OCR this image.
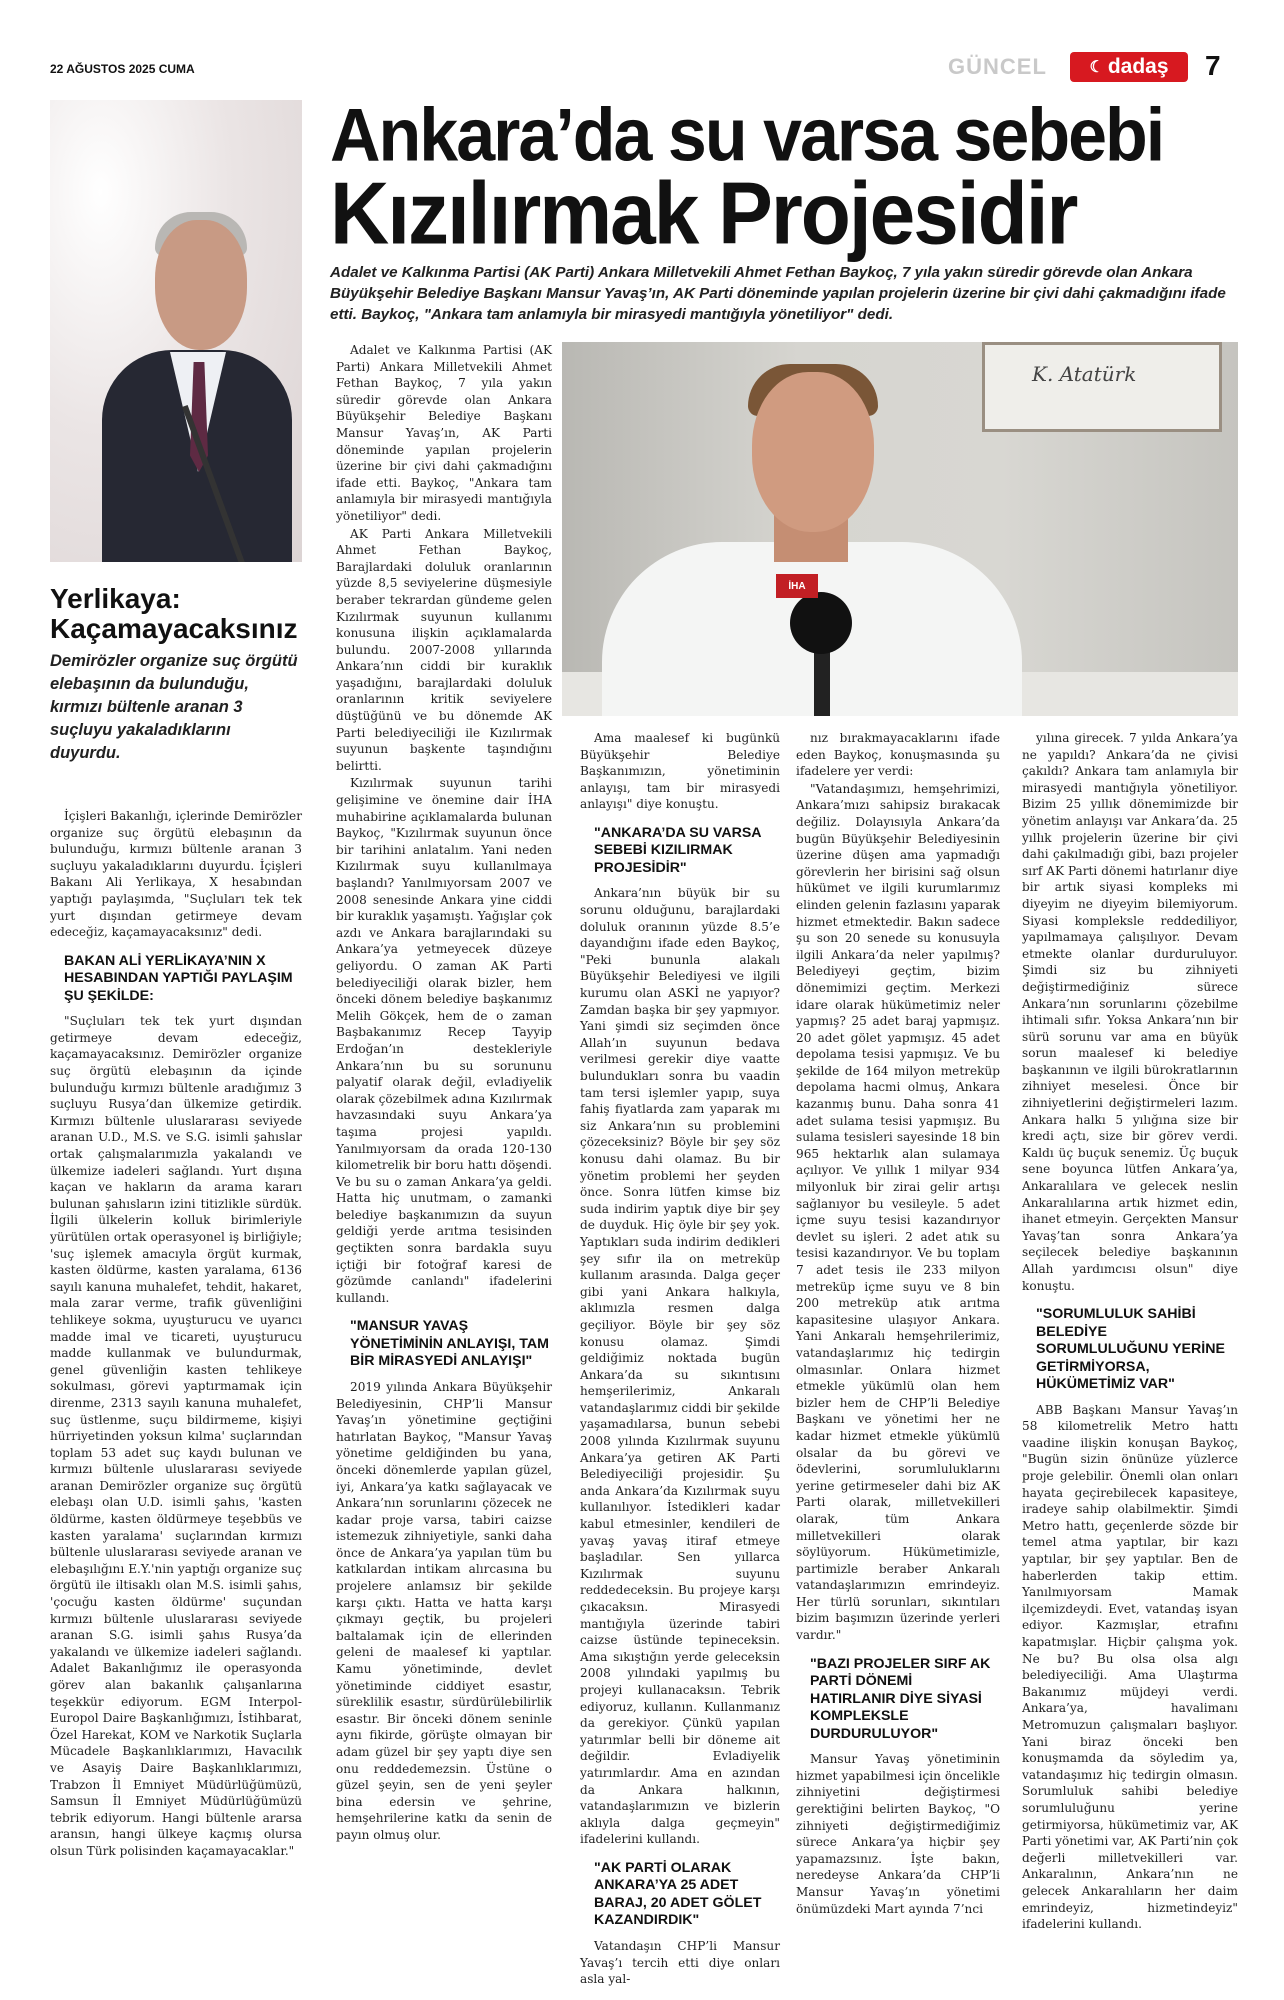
22 AĞUSTOS 2025 CUMA	GÜNCEL	☾ dadaş 7
Ankara’da su varsa sebebi
Kızılırmak Projesidir
Adalet ve Kalkınma Partisi (AK Parti) Ankara Milletvekili Ahmet Fethan Baykoç, 7 yıla yakın süredir görevde olan Ankara Büyükşehir Belediye Başkanı Mansur Yavaş’ın, AK Parti döneminde yapılan projelerin üzerine bir çivi dahi çakmadığını ifade etti. Baykoç, "Ankara tam anlamıyla bir mirasyedi mantığıyla yönetiliyor" dedi.
K. Atatürk
İHA
Yerlikaya: Kaçamayacaksınız
Demirözler organize suç örgütü elebaşının da bulunduğu, kırmızı bültenle aranan 3 suçluyu yakaladıklarını duyurdu.

İçişleri Bakanlığı, içlerinde Demirözler organize suç örgütü elebaşının da bulunduğu, kırmızı bültenle aranan 3 suçluyu yakaladıklarını duyurdu. İçişleri Bakanı Ali Yerlikaya, X hesabından yaptığı paylaşımda, "Suçluları tek tek yurt dışından getirmeye devam edeceğiz, kaçamayacaksınız" dedi.

BAKAN ALİ YERLİKAYA’NIN X HESABINDAN YAPTIĞI PAYLAŞIM ŞU ŞEKİLDE:

"Suçluları tek tek yurt dışından getirmeye devam edeceğiz, kaçamayacaksınız. Demirözler organize suç örgütü elebaşının da içinde bulunduğu kırmızı bültenle aradığımız 3 suçluyu Rusya’dan ülkemize getirdik. Kırmızı bültenle uluslararası seviyede aranan U.D., M.S. ve S.G. isimli şahıslar ortak çalışmalarımızla yakalandı ve ülkemize iadeleri sağlandı. Yurt dışına kaçan ve hakların da arama kararı bulunan şahısların izini titizlikle sürdük. İlgili ülkelerin kolluk birimleriyle yürütülen ortak operasyonel iş birliğiyle; 'suç işlemek amacıyla örgüt kurmak, kasten öldürme, kasten yaralama, 6136 sayılı kanuna muhalefet, tehdit, hakaret, mala zarar verme, trafik güvenliğini tehlikeye sokma, uyuşturucu ve uyarıcı madde imal ve ticareti, uyuşturucu madde kullanmak ve bulundurmak, genel güvenliğin kasten tehlikeye sokulması, görevi yaptırmamak için direnme, 2313 sayılı kanuna muhalefet, suç üstlenme, suçu bildirmeme, kişiyi hürriyetinden yoksun kılma' suçlarından toplam 53 adet suç kaydı bulunan ve kırmızı bültenle uluslararası seviyede aranan Demirözler organize suç örgütü elebaşı olan U.D. isimli şahıs, 'kasten öldürme, kasten öldürmeye teşebbüs ve kasten yaralama' suçlarından kırmızı bültenle uluslararası seviyede aranan ve elebaşılığını E.Y.'nin yaptığı organize suç örgütü ile iltisaklı olan M.S. isimli şahıs, 'çocuğu kasten öldürme' suçundan kırmızı bültenle uluslararası seviyede aranan S.G. isimli şahıs Rusya’da yakalandı ve ülkemize iadeleri sağlandı. Adalet Bakanlığımız ile operasyonda görev alan bakanlık çalışanlarına teşekkür ediyorum. EGM Interpol-Europol Daire Başkanlığımızı, İstihbarat, Özel Harekat, KOM ve Narkotik Suçlarla Mücadele Başkanlıklarımızı, Havacılık ve Asayiş Daire Başkanlıklarımızı, Trabzon İl Emniyet Müdürlüğümüzü, Samsun İl Emniyet Müdürlüğümüzü tebrik ediyorum. Hangi bültenle ararsa aransın, hangi ülkeye kaçmış olursa olsun Türk polisinden kaçamayacaklar."

Adalet ve Kalkınma Partisi (AK Parti) Ankara Milletvekili Ahmet Fethan Baykoç, 7 yıla yakın süredir görevde olan Ankara Büyükşehir Belediye Başkanı Mansur Yavaş’ın, AK Parti döneminde yapılan projelerin üzerine bir çivi dahi çakmadığını ifade etti. Baykoç, "Ankara tam anlamıyla bir mirasyedi mantığıyla yönetiliyor" dedi.

AK Parti Ankara Milletvekili Ahmet Fethan Baykoç, Barajlardaki doluluk oranlarının yüzde 8,5 seviyelerine düşmesiyle beraber tekrardan gündeme gelen Kızılırmak suyunun kullanımı konusuna ilişkin açıklamalarda bulundu. 2007-2008 yıllarında Ankara’nın ciddi bir kuraklık yaşadığını, barajlardaki doluluk oranlarının kritik seviyelere düştüğünü ve bu dönemde AK Parti belediyeciliği ile Kızılırmak suyunun başkente taşındığını belirtti.

Kızılırmak suyunun tarihi gelişimine ve önemine dair İHA muhabirine açıklamalarda bulunan Baykoç, "Kızılırmak suyunun önce bir tarihini anlatalım. Yani neden Kızılırmak suyu kullanılmaya başlandı? Yanılmıyorsam 2007 ve 2008 senesinde Ankara yine ciddi bir kuraklık yaşamıştı. Yağışlar çok azdı ve Ankara barajlarındaki su Ankara’ya yetmeyecek düzeye geliyordu. O zaman AK Parti belediyeciliği olarak bizler, hem önceki dönem belediye başkanımız Melih Gökçek, hem de o zaman Başbakanımız Recep Tayyip Erdoğan’ın destekleriyle Ankara’nın bu su sorununu palyatif olarak değil, evladiyelik olarak çözebilmek adına Kızılırmak havzasındaki suyu Ankara’ya taşıma projesi yapıldı. Yanılmıyorsam da orada 120-130 kilometrelik bir boru hattı döşendi. Ve bu su o zaman Ankara’ya geldi. Hatta hiç unutmam, o zamanki belediye başkanımızın da suyun geldiği yerde arıtma tesisinden geçtikten sonra bardakla suyu içtiği bir fotoğraf karesi de gözümde canlandı" ifadelerini kullandı.

"MANSUR YAVAŞ YÖNETİMİNİN ANLAYIŞI, TAM BİR MİRASYEDİ ANLAYIŞI"

2019 yılında Ankara Büyükşehir Belediyesinin, CHP’li Mansur Yavaş’ın yönetimine geçtiğini hatırlatan Baykoç, "Mansur Yavaş yönetime geldiğinden bu yana, önceki dönemlerde yapılan güzel, iyi, Ankara’ya katkı sağlayacak ve Ankara’nın sorunlarını çözecek ne kadar proje varsa, tabiri caizse istemezuk zihniyetiyle, sanki daha önce de Ankara’ya yapılan tüm bu katkılardan intikam alırcasına bu projelere anlamsız bir şekilde karşı çıktı. Hatta ve hatta karşı çıkmayı geçtik, bu projeleri baltalamak için de ellerinden geleni de maalesef ki yaptılar. Kamu yönetiminde, devlet yönetiminde ciddiyet esastır, süreklilik esastır, sürdürülebilirlik esastır. Bir önceki dönem seninle aynı fikirde, görüşte olmayan bir adam güzel bir şey yaptı diye sen onu reddedemezsin. Üstüne o güzel şeyin, sen de yeni şeyler bina edersin ve şehrine, hemşehrilerine katkı da senin de payın olmuş olur.

Ama maalesef ki bugünkü Büyükşehir Belediye Başkanımızın, yönetiminin anlayışı, tam bir mirasyedi anlayışı" diye konuştu.

"ANKARA’DA SU VARSA SEBEBİ KIZILIRMAK PROJESİDİR"

Ankara’nın büyük bir su sorunu olduğunu, barajlardaki doluluk oranının yüzde 8.5’e dayandığını ifade eden Baykoç, "Peki bununla alakalı Büyükşehir Belediyesi ve ilgili kurumu olan ASKİ ne yapıyor? Zamdan başka bir şey yapmıyor. Yani şimdi siz seçimden önce Allah’ın suyunun bedava verilmesi gerekir diye vaatte bulundukları sonra bu vaadin tam tersi işlemler yapıp, suya fahiş fiyatlarda zam yaparak mı siz Ankara’nın su problemini çözeceksiniz? Böyle bir şey söz konusu dahi olamaz. Bu bir yönetim problemi her şeyden önce. Sonra lütfen kimse biz suda indirim yaptık diye bir şey de duyduk. Hiç öyle bir şey yok. Yaptıkları suda indirim dedikleri şey sıfır ila on metreküp kullanım arasında. Dalga geçer gibi yani Ankara halkıyla, aklımızla resmen dalga geçiliyor. Böyle bir şey söz konusu olamaz. Şimdi geldiğimiz noktada bugün Ankara’da su sıkıntısını hemşerilerimiz, Ankaralı vatandaşlarımız ciddi bir şekilde yaşamadılarsa, bunun sebebi 2008 yılında Kızılırmak suyunu Ankara’ya getiren AK Parti Belediyeciliği projesidir. Şu anda Ankara’da Kızılırmak suyu kullanılıyor. İstedikleri kadar kabul etmesinler, kendileri de yavaş yavaş itiraf etmeye başladılar. Sen yıllarca Kızılırmak suyunu reddedeceksin. Bu projeye karşı çıkacaksın. Mirasyedi mantığıyla üzerinde tabiri caizse üstünde tepineceksin. Ama sıkıştığın yerde geleceksin 2008 yılındaki yapılmış bu projeyi kullanacaksın. Tebrik ediyoruz, kullanın. Kullanmanız da gerekiyor. Çünkü yapılan yatırımlar belli bir döneme ait değildir. Evladiyelik yatırımlardır. Ama en azından da Ankara halkının, vatandaşlarımızın ve bizlerin aklıyla dalga geçmeyin" ifadelerini kullandı.

"AK PARTİ OLARAK ANKARA’YA 25 ADET BARAJ, 20 ADET GÖLET KAZANDIRDIK"

Vatandaşın CHP’li Mansur Yavaş’ı tercih etti diye onları asla yal-

nız bırakmayacaklarını ifade eden Baykoç, konuşmasında şu ifadelere yer verdi:

"Vatandaşımızı, hemşehrimizi, Ankara’mızı sahipsiz bırakacak değiliz. Dolayısıyla Ankara’da bugün Büyükşehir Belediyesinin üzerine düşen ama yapmadığı görevlerin her birisini sağ olsun hükümet ve ilgili kurumlarımız elinden gelenin fazlasını yaparak hizmet etmektedir. Bakın sadece şu son 20 senede su konusuyla ilgili Ankara’da neler yapılmış? Belediyeyi geçtim, bizim dönemimizi geçtim. Merkezi idare olarak hükümetimiz neler yapmış? 25 adet baraj yapmışız. 20 adet gölet yapmışız. 45 adet depolama tesisi yapmışız. Ve bu şekilde de 164 milyon metreküp depolama hacmi olmuş, Ankara kazanmış bunu. Daha sonra 41 adet sulama tesisi yapmışız. Bu sulama tesisleri sayesinde 18 bin 965 hektarlık alan sulamaya açılıyor. Ve yıllık 1 milyar 934 milyonluk bir zirai gelir artışı sağlanıyor bu vesileyle. 5 adet içme suyu tesisi kazandırıyor devlet su işleri. 2 adet atık su tesisi kazandırıyor. Ve bu toplam 7 adet tesis ile 233 milyon metreküp içme suyu ve 8 bin 200 metreküp atık arıtma kapasitesine ulaşıyor Ankara. Yani Ankaralı hemşehrilerimiz, vatandaşlarımız hiç tedirgin olmasınlar. Onlara hizmet etmekle yükümlü olan hem bizler hem de CHP’li Belediye Başkanı ve yönetimi her ne kadar hizmet etmekle yükümlü olsalar da bu görevi ve ödevlerini, sorumluluklarını yerine getirmeseler dahi biz AK Parti olarak, milletvekilleri olarak, tüm Ankara milletvekilleri olarak söylüyorum. Hükümetimizle, partimizle beraber Ankaralı vatandaşlarımızın emrindeyiz. Her türlü sorunları, sıkıntıları bizim başımızın üzerinde yerleri vardır."

"BAZI PROJELER SIRF AK PARTİ DÖNEMİ HATIRLANIR DİYE SİYASİ KOMPLEKSLE DURDURULUYOR"

Mansur Yavaş yönetiminin hizmet yapabilmesi için öncelikle zihniyetini değiştirmesi gerektiğini belirten Baykoç, "O zihniyeti değiştirmediğimiz sürece Ankara’ya hiçbir şey yapamazsınız. İşte bakın, neredeyse Ankara’da CHP’li Mansur Yavaş’ın yönetimi önümüzdeki Mart ayında 7’nci

yılına girecek. 7 yılda Ankara’ya ne yapıldı? Ankara’da ne çivisi çakıldı? Ankara tam anlamıyla bir mirasyedi mantığıyla yönetiliyor. Bizim 25 yıllık dönemimizde bir yönetim anlayışı var Ankara’da. 25 yıllık projelerin üzerine bir çivi dahi çakılmadığı gibi, bazı projeler sırf AK Parti dönemi hatırlanır diye bir artık siyasi kompleks mi diyeyim ne diyeyim bilemiyorum. Siyasi kompleksle reddediliyor, yapılmamaya çalışılıyor. Devam etmekte olanlar durduruluyor. Şimdi siz bu zihniyeti değiştirmediğiniz sürece Ankara’nın sorunlarını çözebilme ihtimali sıfır. Yoksa Ankara’nın bir sürü sorunu var ama en büyük sorun maalesef ki belediye başkanının ve ilgili bürokratlarının zihniyet meselesi. Önce bir zihniyetlerini değiştirmeleri lazım. Ankara halkı 5 yılığına size bir kredi açtı, size bir görev verdi. Kaldı üç buçuk senemiz. Üç buçuk sene boyunca lütfen Ankara’ya, Ankaralılara ve gelecek neslin Ankaralılarına artık hizmet edin, ihanet etmeyin. Gerçekten Mansur Yavaş’tan sonra Ankara’ya seçilecek belediye başkanının Allah yardımcısı olsun" diye konuştu.

"SORUMLULUK SAHİBİ BELEDİYE SORUMLULUĞUNU YERİNE GETİRMİYORSA, HÜKÜMETİMİZ VAR"

ABB Başkanı Mansur Yavaş’ın 58 kilometrelik Metro hattı vaadine ilişkin konuşan Baykoç, "Bugün sizin önünüze yüzlerce proje gelebilir. Önemli olan onları hayata geçirebilecek kapasiteye, iradeye sahip olabilmektir. Şimdi Metro hattı, geçenlerde sözde bir temel atma yaptılar, bir kazı yaptılar, bir şey yaptılar. Ben de haberlerden takip ettim. Yanılmıyorsam Mamak ilçemizdeydi. Evet, vatandaş isyan ediyor. Kazmışlar, etrafını kapatmışlar. Hiçbir çalışma yok. Ne bu? Bu olsa olsa algı belediyeciliği. Ama Ulaştırma Bakanımız müjdeyi verdi. Ankara’ya, havalimanı Metromuzun çalışmaları başlıyor. Yani biraz önceki ben konuşmamda da söyledim ya, vatandaşımız hiç tedirgin olmasın. Sorumluluk sahibi belediye sorumluluğunu yerine getirmiyorsa, hükümetimiz var, AK Parti yönetimi var, AK Parti’nin çok değerli milletvekilleri var. Ankaralının, Ankara’nın ne gelecek Ankaralıların her daim emrindeyiz, hizmetindeyiz" ifadelerini kullandı.
